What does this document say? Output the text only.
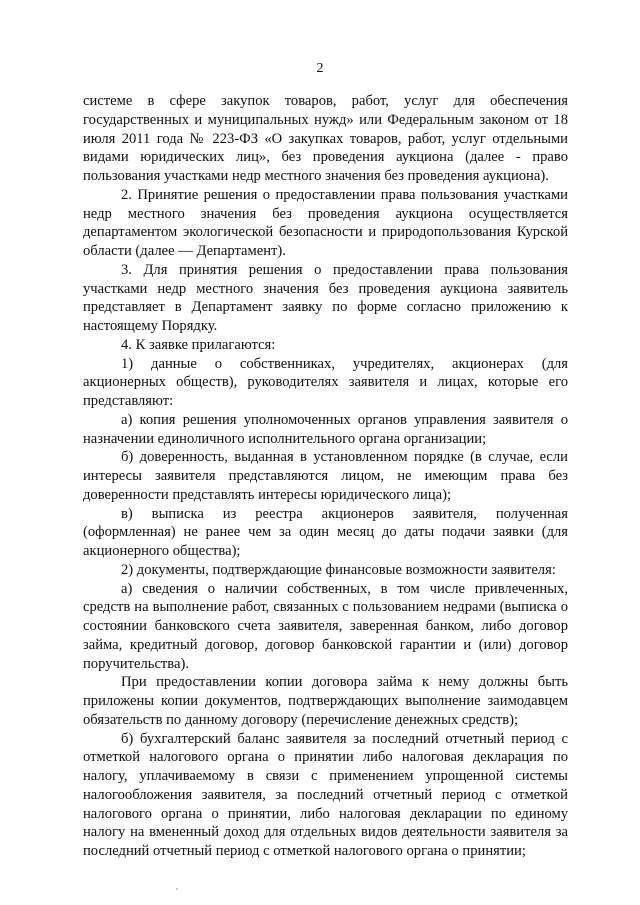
2

системе в сфере закупок товаров, работ, услуг для обеспечения государственных и муниципальных нужд» или Федеральным законом от 18 июля 2011 года № 223-ФЗ «О закупках товаров, работ, услуг отдельными видами юридических лиц», без проведения аукциона (далее - право пользования участками недр местного значения без проведения аукциона).

2. Принятие решения о предоставлении права пользования участками недр местного значения без проведения аукциона осуществляется департаментом экологической безопасности и природопользования Курской области (далее — Департамент).

3. Для принятия решения о предоставлении права пользования участками недр местного значения без проведения аукциона заявитель представляет в Департамент заявку по форме согласно приложению к настоящему Порядку.

4. К заявке прилагаются:

1) данные о собственниках, учредителях, акционерах (для акционерных обществ), руководителях заявителя и лицах, которые его представляют:

а) копия решения уполномоченных органов управления заявителя о назначении единоличного исполнительного органа организации;

б) доверенность, выданная в установленном порядке (в случае, если интересы заявителя представляются лицом, не имеющим права без доверенности представлять интересы юридического лица);

в) выписка из реестра акционеров заявителя, полученная (оформленная) не ранее чем за один месяц до даты подачи заявки (для акционерного общества);

2) документы, подтверждающие финансовые возможности заявителя:

а) сведения о наличии собственных, в том числе привлеченных, средств на выполнение работ, связанных с пользованием недрами (выписка о состоянии банковского счета заявителя, заверенная банком, либо договор займа, кредитный договор, договор банковской гарантии и (или) договор поручительства).

При предоставлении копии договора займа к нему должны быть приложены копии документов, подтверждающих выполнение заимодавцем обязательств по данному договору (перечисление денежных средств);

б) бухгалтерский баланс заявителя за последний отчетный период с отметкой налогового органа о принятии либо налоговая декларация по налогу, уплачиваемому в связи с применением упрощенной системы налогообложения заявителя, за последний отчетный период с отметкой налогового органа о принятии, либо налоговая декларации по единому налогу на вмененный доход для отдельных видов деятельности заявителя за последний отчетный период с отметкой налогового органа о принятии;
